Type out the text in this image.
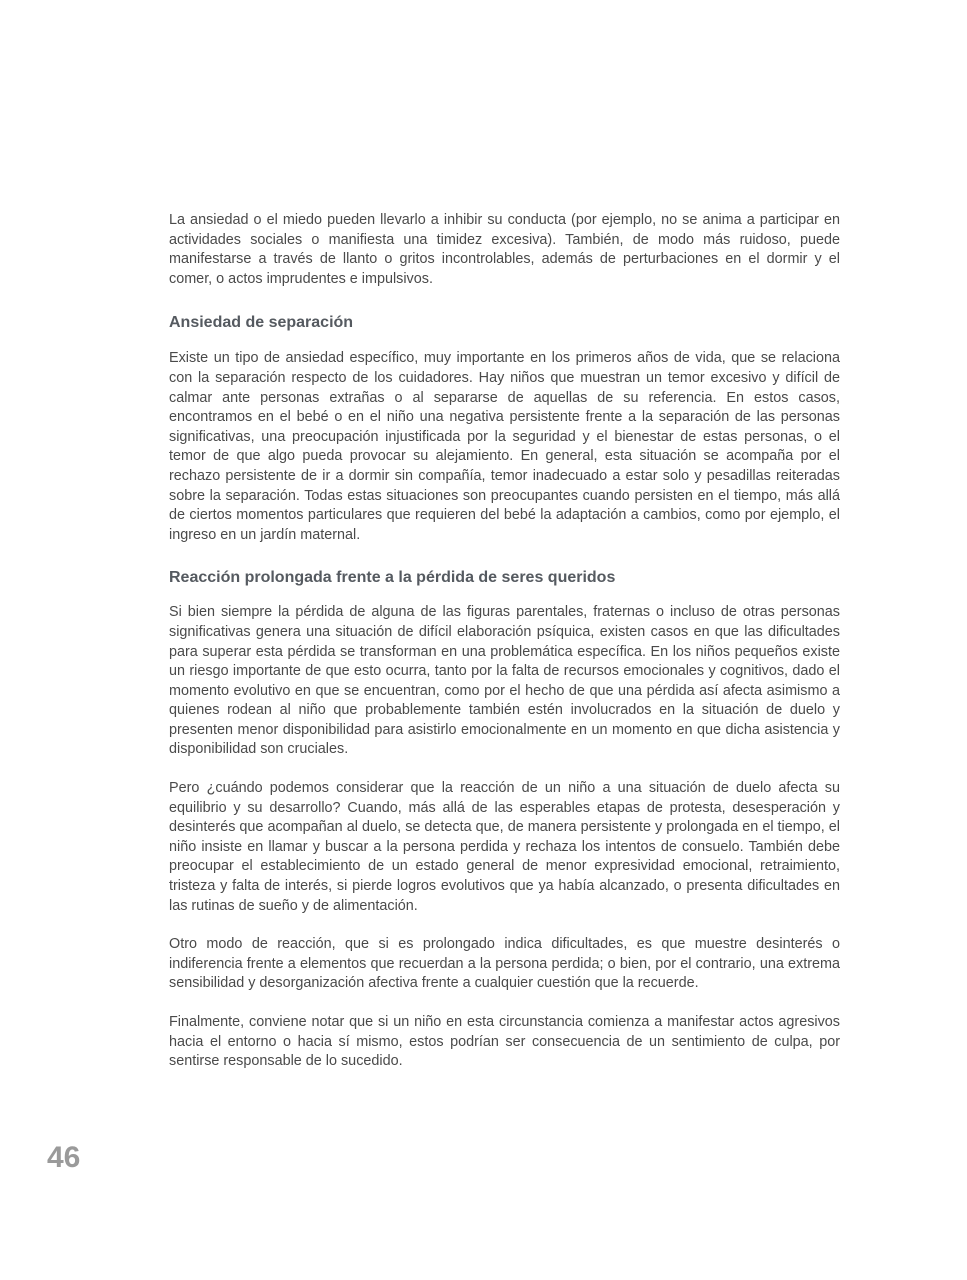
La ansiedad o el miedo pueden llevarlo a inhibir su conducta (por ejemplo, no se anima a participar en actividades sociales o manifiesta una timidez excesiva). También, de modo más ruidoso, puede manifestarse a través de llanto o gritos incontrolables, además de perturbaciones en el dormir y el comer, o actos imprudentes e impulsivos.

Ansiedad de separación

Existe un tipo de ansiedad específico, muy importante en los primeros años de vida, que se relaciona con la separación respecto de los cuidadores. Hay niños que muestran un temor excesivo y difícil de calmar ante personas extrañas o al separarse de aquellas de su referencia. En estos casos, encontramos en el bebé o en el niño una negativa persistente frente a la separación de las personas significativas, una preocupación injustificada por la seguridad y el bienestar de estas personas, o el temor de que algo pueda provocar su alejamiento. En general, esta situación se acompaña por el rechazo persistente de ir a dormir sin compañía, temor inadecuado a estar solo y pesadillas reiteradas sobre la separación. Todas estas situaciones son preocupantes cuando persisten en el tiempo, más allá de ciertos momentos particulares que requieren del bebé la adaptación a cambios, como por ejemplo, el ingreso en un jardín maternal.

Reacción prolongada frente a la pérdida de seres queridos

Si bien siempre la pérdida de alguna de las figuras parentales, fraternas o incluso de otras personas significativas genera una situación de difícil elaboración psíquica, existen casos en que las dificultades para superar esta pérdida se transforman en una problemática específica. En los niños pequeños existe un riesgo importante de que esto ocurra, tanto por la falta de recursos emocionales y cognitivos, dado el momento evolutivo en que se encuentran, como por el hecho de que una pérdida así afecta asimismo a quienes rodean al niño que probablemente también estén involucrados en la situación de duelo y presenten menor disponibilidad para asistirlo emocionalmente en un momento en que dicha asistencia y disponibilidad son cruciales.

Pero ¿cuándo podemos considerar que la reacción de un niño a una situación de duelo afecta su equilibrio y su desarrollo? Cuando, más allá de las esperables etapas de protesta, desesperación y desinterés que acompañan al duelo, se detecta que, de manera persistente y prolongada en el tiempo, el niño insiste en llamar y buscar a la persona perdida y rechaza los intentos de consuelo. También debe preocupar el establecimiento de un estado general de menor expresividad emocional, retraimiento, tristeza y falta de interés, si pierde logros evolutivos que ya había alcanzado, o presenta dificultades en las rutinas de sueño y de alimentación.

Otro modo de reacción, que si es prolongado indica dificultades, es que muestre desinterés o indiferencia frente a elementos que recuerdan a la persona perdida; o bien, por el contrario, una extrema sensibilidad y desorganización afectiva frente a cualquier cuestión que la recuerde.

Finalmente, conviene notar que si un niño en esta circunstancia comienza a manifestar actos agresivos hacia el entorno o hacia sí mismo, estos podrían ser consecuencia de un sentimiento de culpa, por sentirse responsable de lo sucedido.

46
